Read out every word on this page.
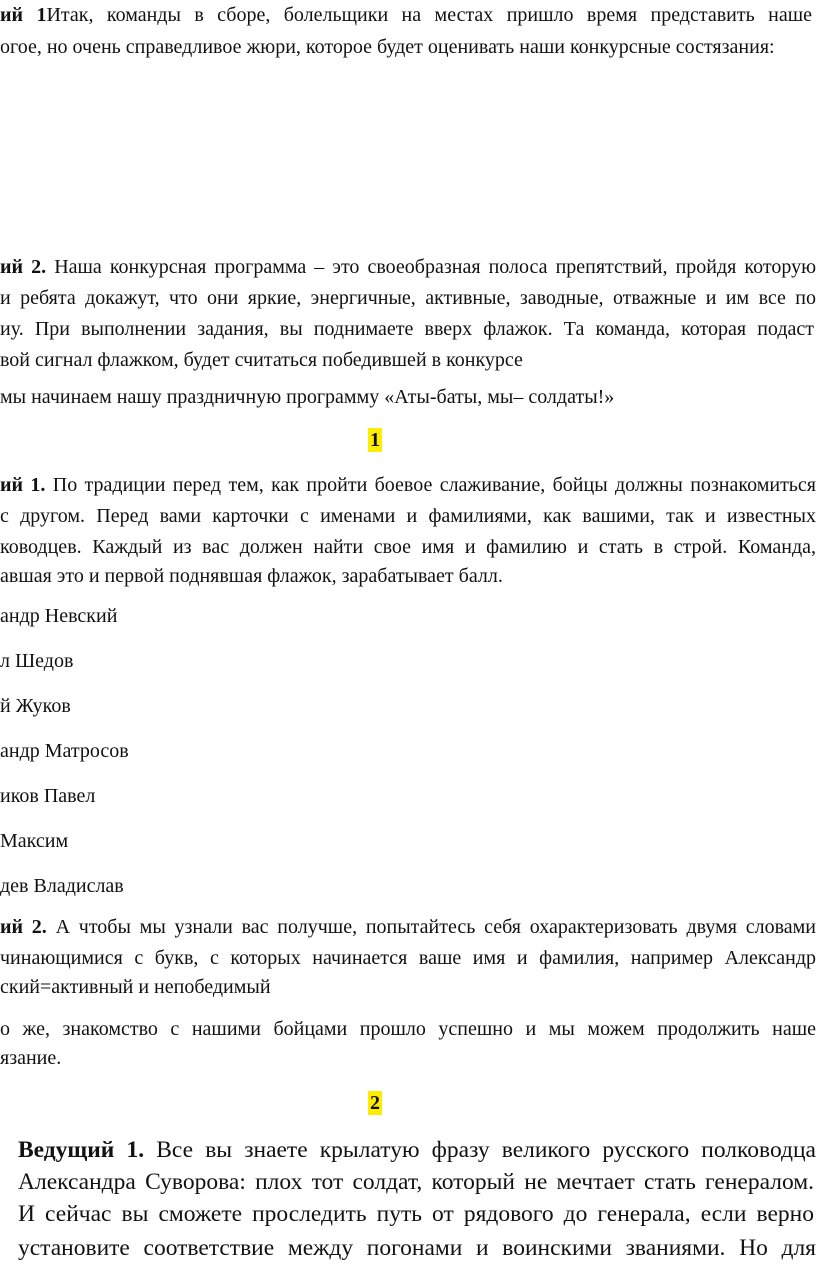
ий 1Итак, команды в сборе, болельщики на местах пришло время представить наше
огое, но очень справедливое жюри, которое будет оценивать наши конкурсные состязания:
ий 2. Наша конкурсная программа – это своеобразная полоса препятствий, пройдя которую
и ребята докажут, что они яркие, энергичные, активные, заводные, отважные и им все по
иу. При выполнении задания, вы поднимаете вверх флажок. Та команда, которая подаст
вой сигнал флажком, будет считаться победившей в конкурсе
мы начинаем нашу праздничную программу «Аты-баты, мы– солдаты!»
1
ий 1. По традиции перед тем, как пройти боевое слаживание, бойцы должны познакомиться
с другом. Перед вами карточки с именами и фамилиями, как вашими, так и известных
ководцев. Каждый из вас должен найти свое имя и фамилию и стать в строй. Команда,
авшая это и первой поднявшая флажок, зарабатывает балл.
андр Невский
л Шедов
й Жуков
андр Матросов
иков Павел
Максим
дев Владислав
ий 2. А чтобы мы узнали вас получше, попытайтесь себя охарактеризовать двумя словами
чинающимися с букв, с которых начинается ваше имя и фамилия, например Александр
ский=активный и непобедимый
о же, знакомство с нашими бойцами прошло успешно и мы можем продолжить наше
язание.
2
Ведущий 1. Все вы знаете крылатую фразу великого русского полководца
Александра Суворова: плох тот солдат, который не мечтает стать генералом.
И сейчас вы сможете проследить путь от рядового до генерала, если верно
установите соответствие между погонами и воинскими званиями. Но для
